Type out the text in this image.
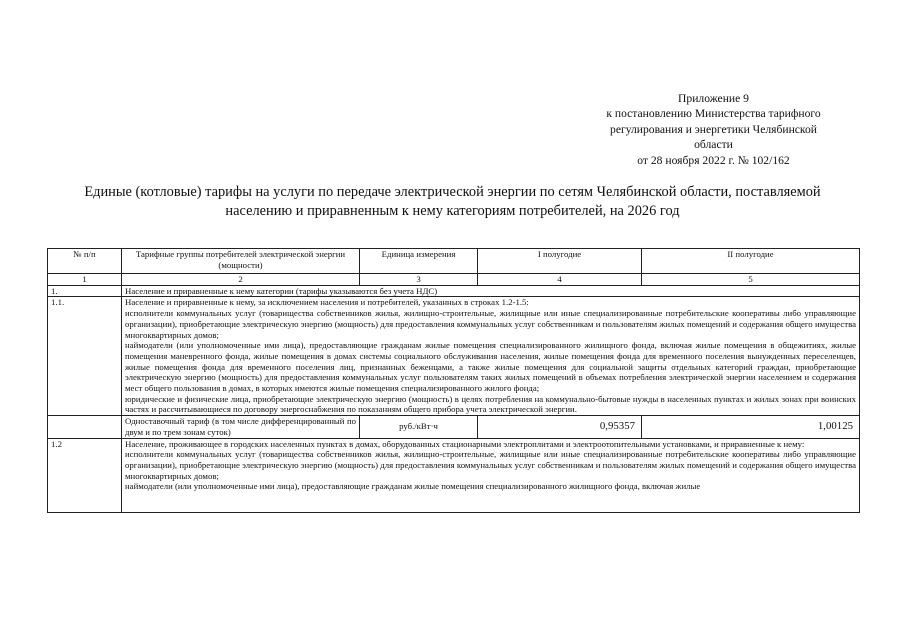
Приложение 9
к постановлению Министерства тарифного
регулирования и энергетики Челябинской
области
от 28 ноября 2022 г. № 102/162
Единые (котловые) тарифы на услуги по передаче электрической энергии по сетям Челябинской области, поставляемой
населению и приравненным к нему категориям потребителей, на 2026 год
№ п/п	Тарифные группы потребителей электрической энергии (мощности)	Единица измерения	I полугодие	II полугодие
1	2	3	4	5
1.	Население и приравненные к нему категории (тарифы указываются без учета НДС)			
1.1.	Население и приравненные к нему, за исключением населения и потребителей, указанных в строках 1.2-1.5:
исполнители коммунальных услуг (товарищества собственников жилья, жилищно-строительные, жилищные или иные специализированные потребительские кооперативы либо управляющие организации), приобретающие электрическую энергию (мощность) для предоставления коммунальных услуг собственникам и пользователям жилых помещений и содержания общего имущества многоквартирных домов;
наймодатели (или уполномоченные ими лица), предоставляющие гражданам жилые помещения специализированного жилищного фонда, включая жилые помещения в общежитиях, жилые помещения маневренного фонда, жилые помещения в домах системы социального обслуживания населения, жилые помещения фонда для временного поселения вынужденных переселенцев, жилые помещения фонда для временного поселения лиц, признанных беженцами, а также жилые помещения для социальной защиты отдельных категорий граждан, приобретающие электрическую энергию (мощность) для предоставления коммунальных услуг пользователям таких жилых помещений в объемах потребления электрической энергии населением и содержания мест общего пользования в домах, в которых имеются жилые помещения специализированного жилого фонда;
юридические и физические лица, приобретающие электрическую энергию (мощность) в целях потребления на коммунально-бытовые нужды в населенных пунктах и жилых зонах при воинских частях и рассчитывающиеся по договору энергоснабжения по показаниям общего прибора учета электрической энергии.			

	Одноставочный тариф (в том числе дифференцированный по двум и по трем зонам суток)	руб./кВт·ч	0,95357	1,00125
1.2	Население, проживающее в городских населенных пунктах в домах, оборудованных стационарными электроплитами и электроотопительными установками, и приравненные к нему:
исполнители коммунальных услуг (товарищества собственников жилья, жилищно-строительные, жилищные или иные специализированные потребительские кооперативы либо управляющие организации), приобретающие электрическую энергию (мощность) для предоставления коммунальных услуг собственникам и пользователям жилых помещений и содержания общего имущества многоквартирных домов;
наймодатели (или уполномоченные ими лица), предоставляющие гражданам жилые помещения специализированного жилищного фонда, включая жилые			
